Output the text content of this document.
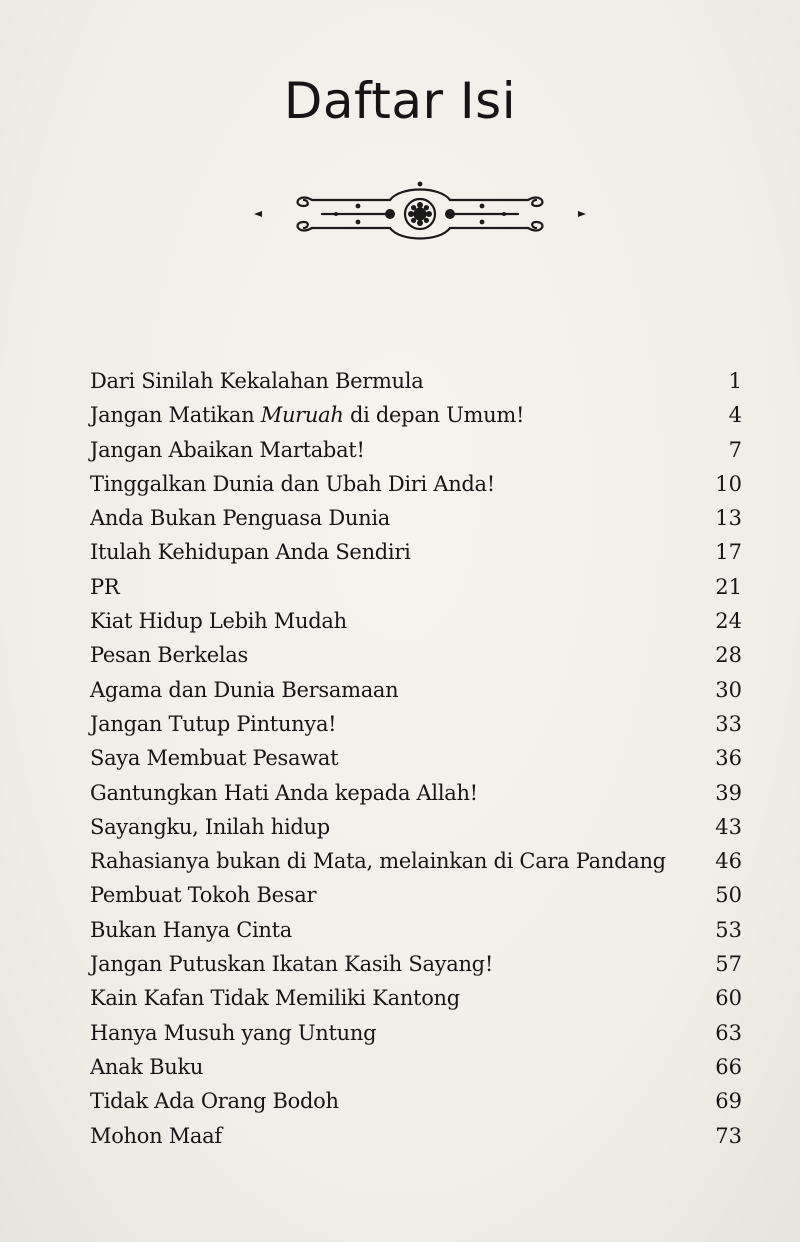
Daftar Isi
Dari Sinilah Kekalahan Bermula	1
Jangan Matikan Muruah di depan Umum!	4
Jangan Abaikan Martabat!	7
Tinggalkan Dunia dan Ubah Diri Anda!	10
Anda Bukan Penguasa Dunia	13
Itulah Kehidupan Anda Sendiri	17
PR	21
Kiat Hidup Lebih Mudah	24
Pesan Berkelas	28
Agama dan Dunia Bersamaan	30
Jangan Tutup Pintunya!	33
Saya Membuat Pesawat	36
Gantungkan Hati Anda kepada Allah!	39
Sayangku, Inilah hidup	43
Rahasianya bukan di Mata, melainkan di Cara Pandang	46
Pembuat Tokoh Besar	50
Bukan Hanya Cinta	53
Jangan Putuskan Ikatan Kasih Sayang!	57
Kain Kafan Tidak Memiliki Kantong	60
Hanya Musuh yang Untung	63
Anak Buku	66
Tidak Ada Orang Bodoh	69
Mohon Maaf	73
